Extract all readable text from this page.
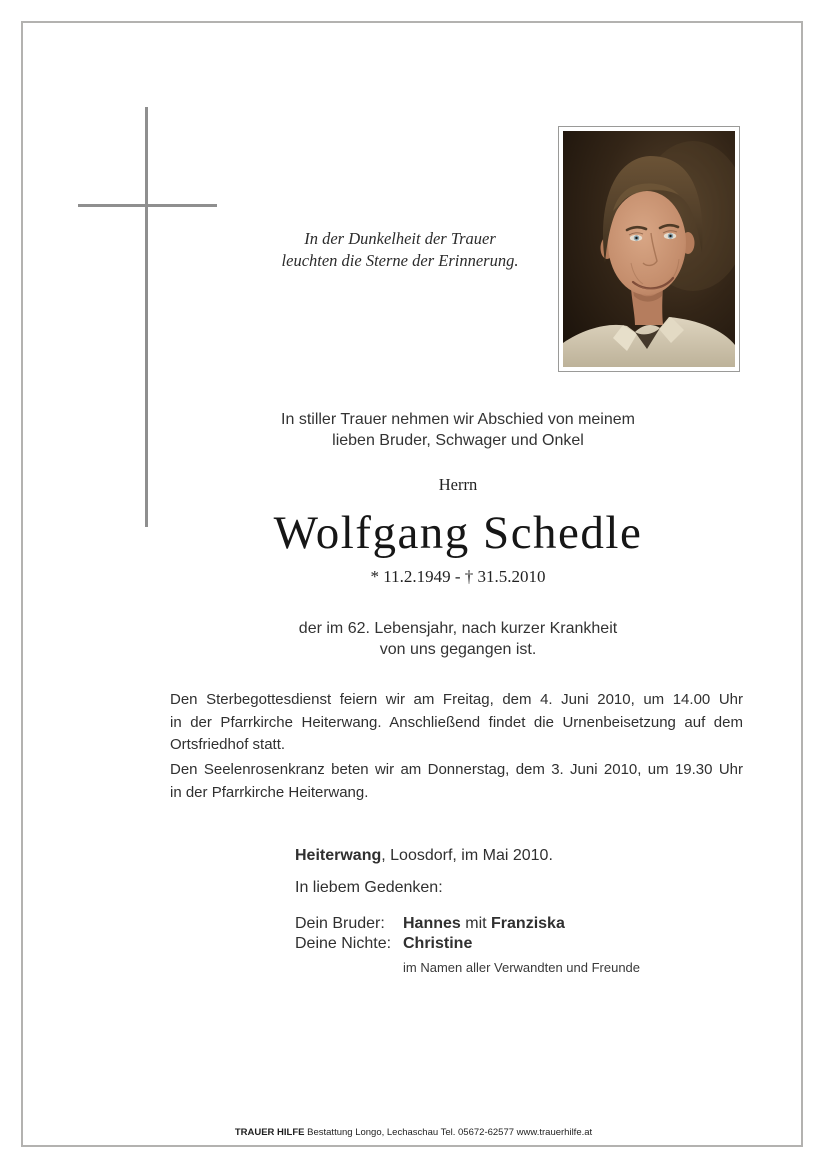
In der Dunkelheit der Trauer
leuchten die Sterne der Erinnerung.
In stiller Trauer nehmen wir Abschied von meinem
lieben Bruder, Schwager und Onkel
Herrn
Wolfgang Schedle
* 11.2.1949 - † 31.5.2010
der im 62. Lebensjahr, nach kurzer Krankheit
von uns gegangen ist.
Den Sterbegottesdienst feiern wir am Freitag, dem 4. Juni 2010, um 14.00 Uhr
in der Pfarrkirche Heiterwang. Anschließend findet die Urnenbeisetzung auf dem
Ortsfriedhof statt.
Den Seelenrosenkranz beten wir am Donnerstag, dem 3. Juni 2010, um 19.30 Uhr
in der Pfarrkirche Heiterwang.
Heiterwang, Loosdorf, im Mai 2010.
In liebem Gedenken:
Dein Bruder:	Hannes mit Franziska
Deine Nichte: Christine
im Namen aller Verwandten und Freunde
TRAUER HILFE Bestattung Longo, Lechaschau Tel. 05672-62577 www.trauerhilfe.at
